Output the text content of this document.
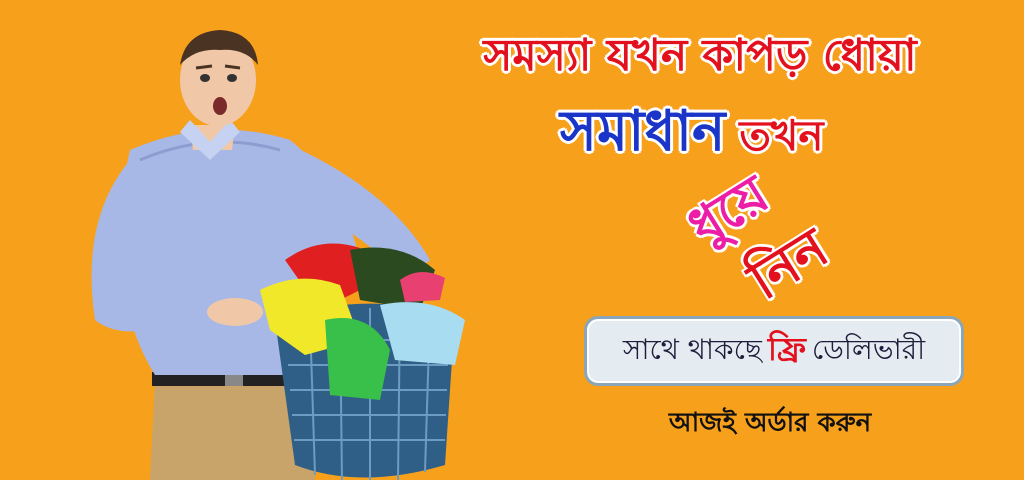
সমস্যা যখন কাপড় ধোয়া
সমাধান তখন
ধুয়ে
নিন
সাথে থাকছে ফ্রি ডেলিভারী
আজই অর্ডার করুন
